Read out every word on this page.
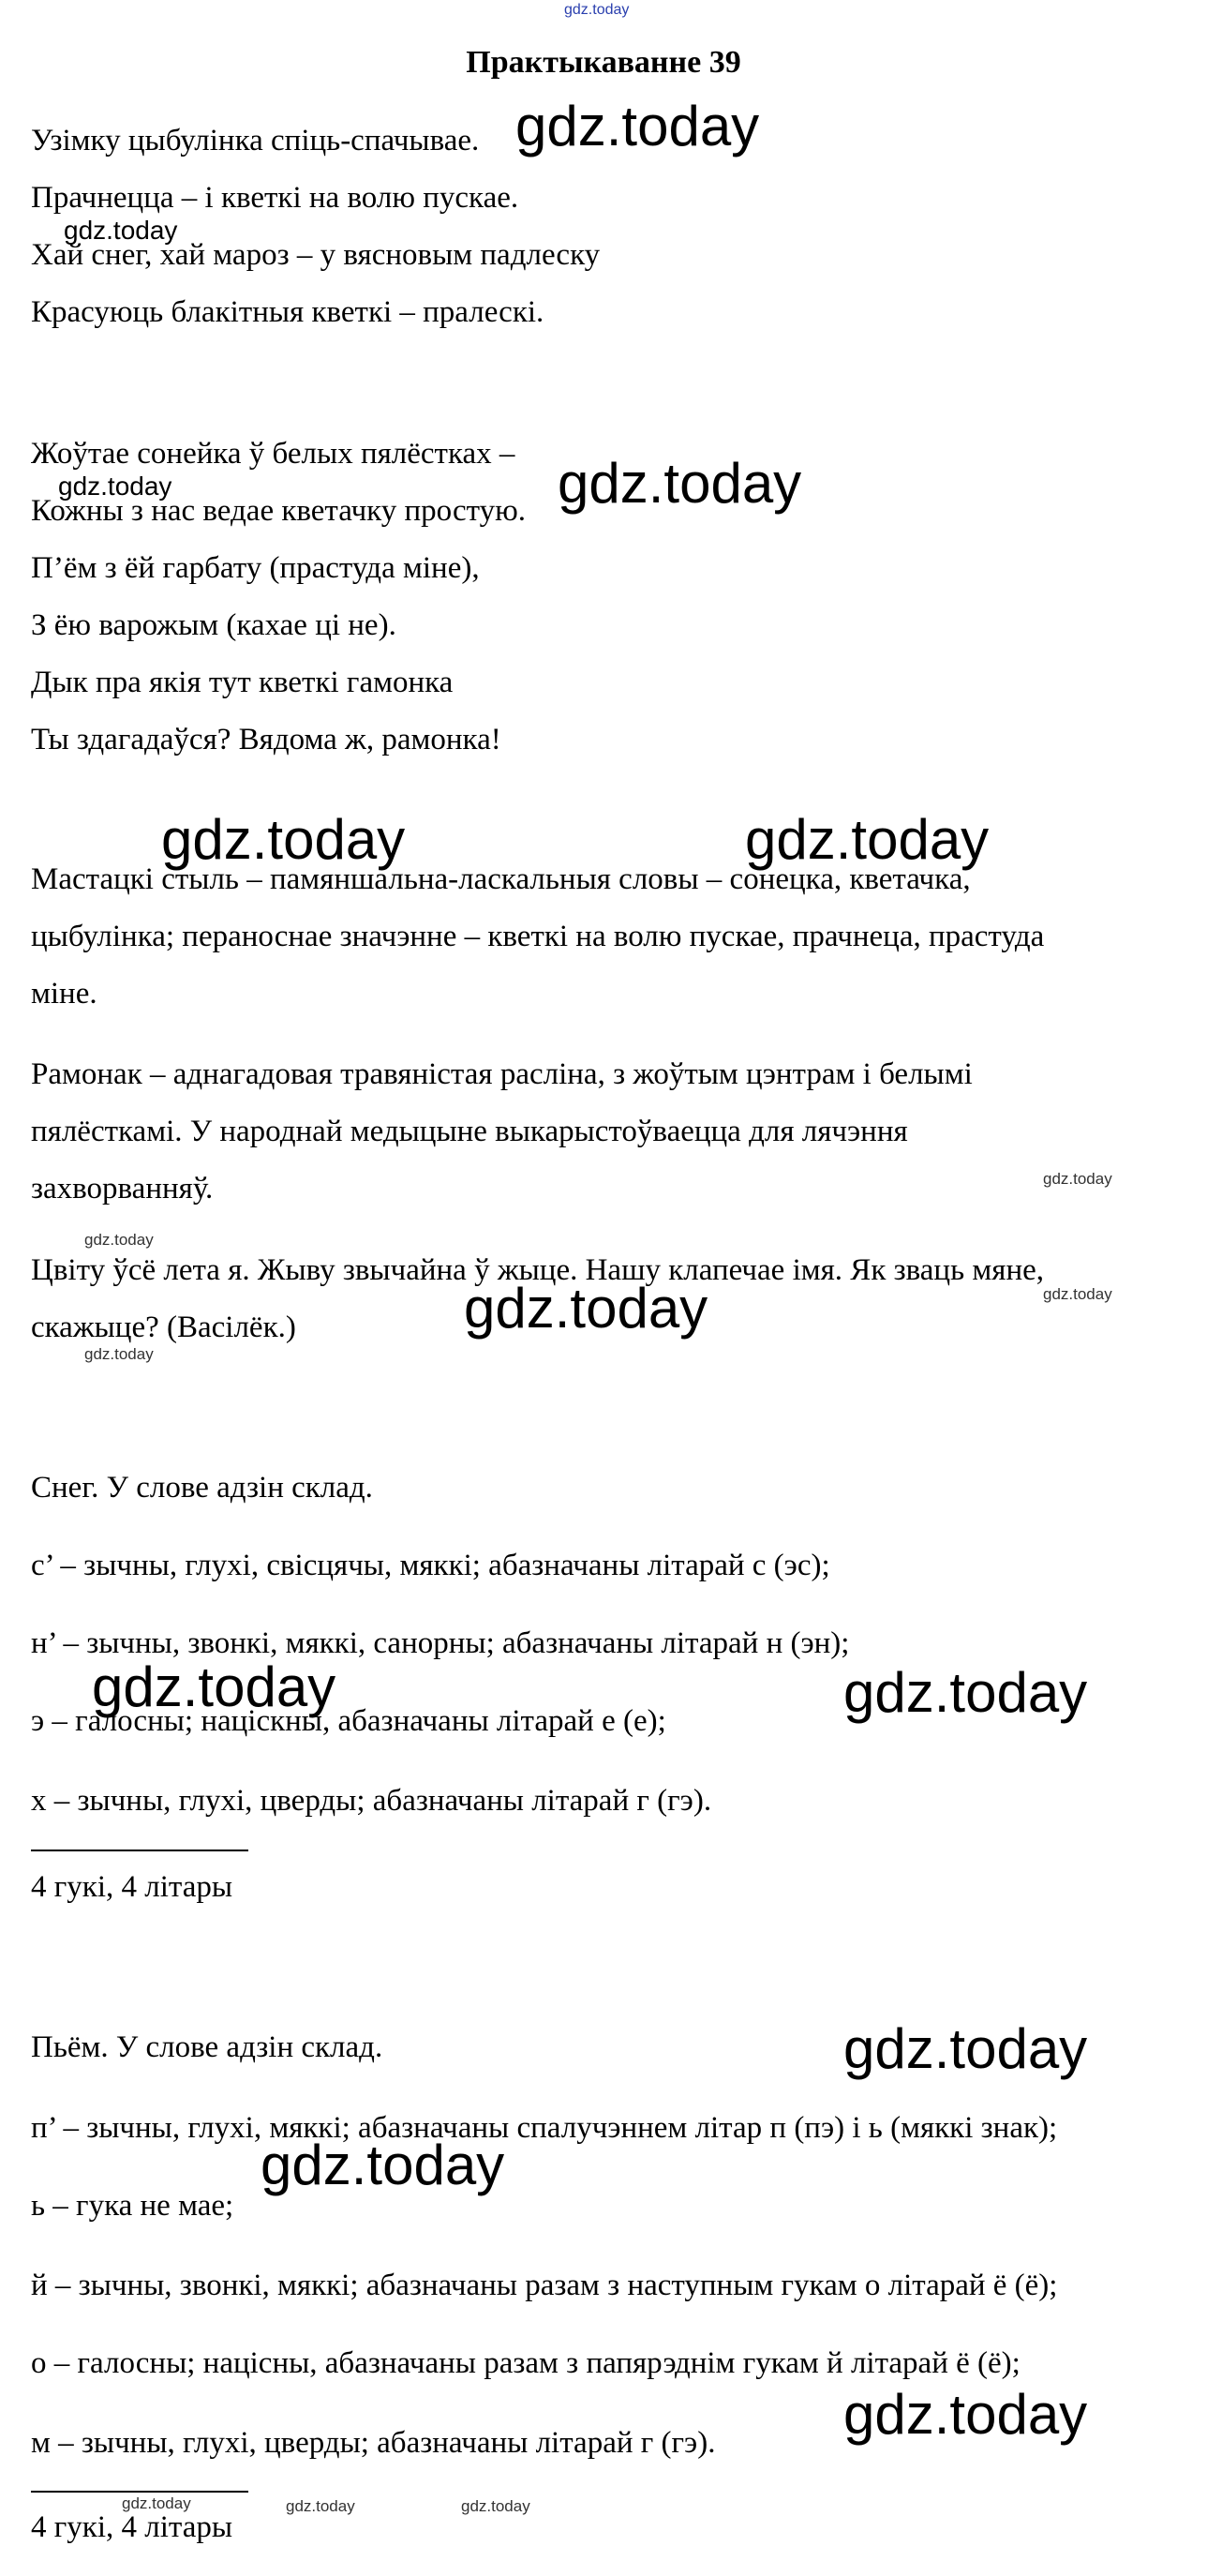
gdz.today
Практыкаванне 39
Узімку цыбулінка спіць-спачывае.
Прачнецца – і кветкі на волю пускае.
Хай снег, хай мароз – у вясновым падлеску
Красуюць блакітныя кветкі – пралескі.
Жоўтае сонейка ў белых пялёстках –
Кожны з нас ведае кветачку простую.
П’ём з ёй гарбату (прастуда міне),
З ёю варожым (кахае ці не).
Дык пра якія тут кветкі гамонка
Ты здагадаўся? Вядома ж, рамонка!
Мастацкі стыль – памяншальна-ласкальныя словы – сонецка, кветачка,
цыбулінка; пераноснае значэнне – кветкі на волю пускае, прачнеца, прастуда
міне.
Рамонак – аднагадовая травяністая расліна, з жоўтым цэнтрам і белымі
пялёсткамі. У народнай медыцыне выкарыстоўваецца для лячэння
захворванняў.
Цвіту ўсё лета я. Жыву звычайна ў жыце. Нашу клапечае імя. Як зваць мяне,
скажыце? (Васілёк.)
Снег. У слове адзін склад.
с’ – зычны, глухі, свісцячы, мяккі; абазначаны літарай с (эс);
н’ – зычны, звонкі, мяккі, санорны; абазначаны літарай н (эн);
э – галосны; націскны, абазначаны літарай е (е);
х – зычны, глухі, цверды; абазначаны літарай г (гэ).
4 гукі, 4 літары
Пьём. У слове адзін склад.
п’ – зычны, глухі, мяккі; абазначаны спалучэннем літар п (пэ) і ь (мяккі знак);
ь – гука не мае;
й – зычны, звонкі, мяккі; абазначаны разам з наступным гукам о літарай ё (ё);
о – галосны; націсны, абазначаны разам з папярэднім гукам й літарай ё (ё);
м – зычны, глухі, цверды; абазначаны літарай г (гэ).
4 гукі, 4 літары
gdz.today
gdz.today
gdz.today
gdz.today
gdz.today	gdz.today
gdz.today
gdz.today
gdz.today
gdz.today
gdz.today
gdz.today	gdz.today
gdz.today
gdz.today
gdz.today
gdz.today	gdz.today	gdz.today
